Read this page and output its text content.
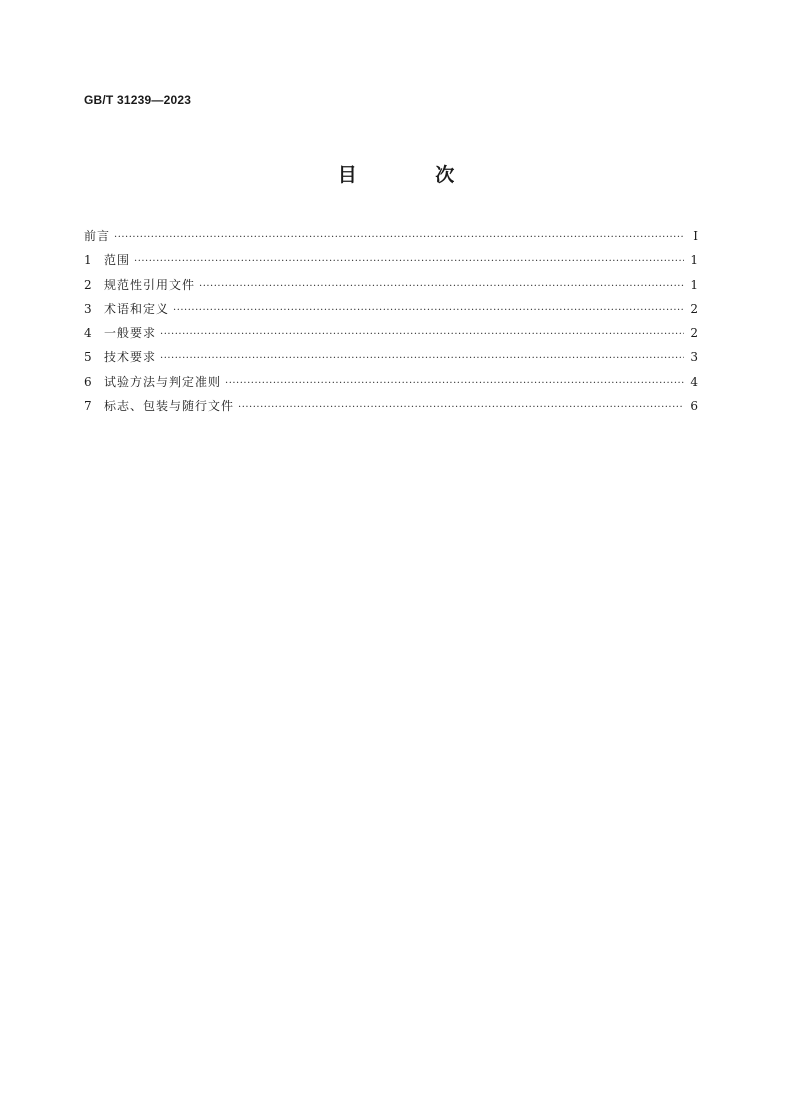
GB/T 31239—2023
目 次
前言 ·····	Ⅰ
1	范围 ·····	1
2	规范性引用文件 ·····	1
3	术语和定义 ·····	2
4	一般要求 ·····	2
5	技术要求 ·····	3
6	试验方法与判定准则 ·····	4
7	标志、包装与随行文件 ·····	6
